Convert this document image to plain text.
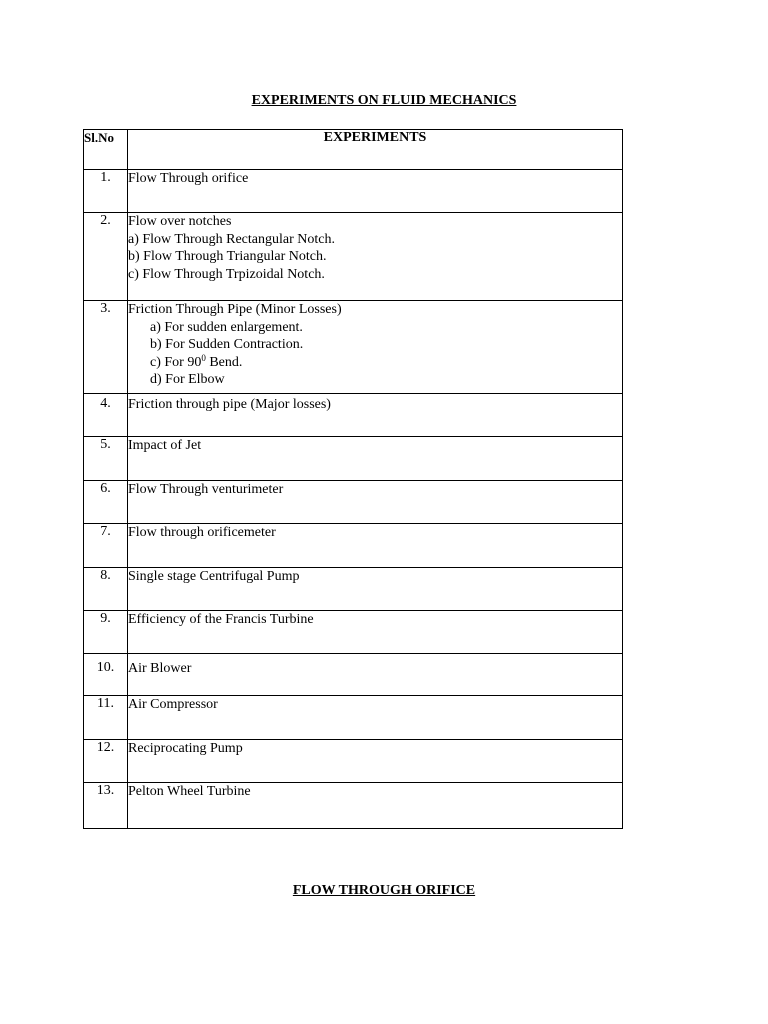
EXPERIMENTS ON FLUID MECHANICS
Sl.No	EXPERIMENTS
1.	Flow Through orifice
2.	Flow over notches
a) Flow Through Rectangular Notch.
b) Flow Through Triangular Notch.
c) Flow Through Trpizoidal Notch.

3.	Friction Through Pipe (Minor Losses)
a) For sudden enlargement.
b) For Sudden Contraction.
c) For $90^0$ Bend.
d) For Elbow

4.	Friction through pipe (Major losses)
5.	Impact of Jet
6.	Flow Through venturimeter
7.	Flow through orificemeter
8.	Single stage Centrifugal Pump
9.	Efficiency of the Francis Turbine
10.	Air Blower
11.	Air Compressor
12.	Reciprocating Pump
13.	Pelton Wheel Turbine
FLOW THROUGH ORIFICE
